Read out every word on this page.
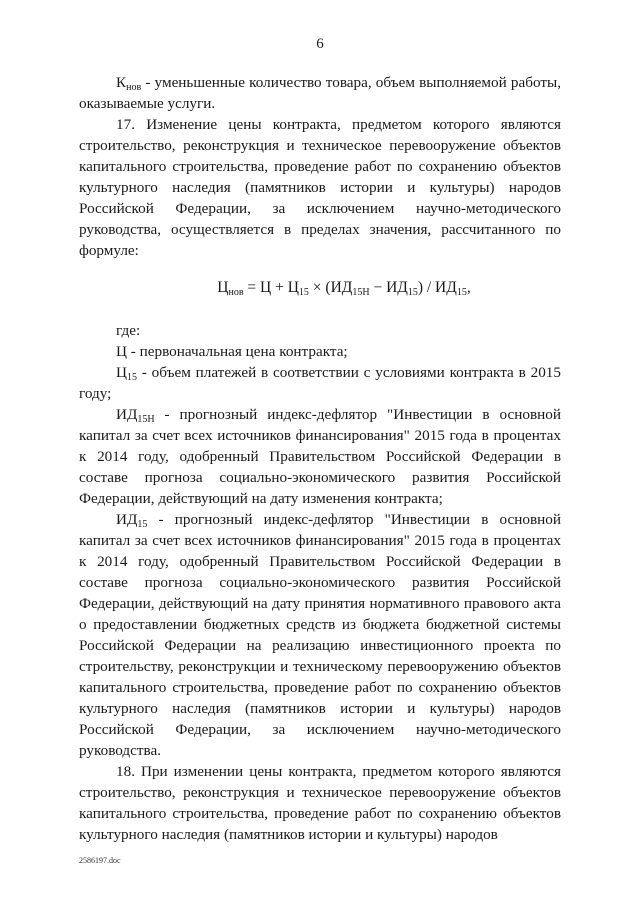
6

$К_{нов}$ - уменьшенные количество товара, объем выполняемой работы, оказываемые услуги.

17. Изменение цены контракта, предметом которого являются строительство, реконструкция и техническое перевооружение объектов капитального строительства, проведение работ по сохранению объектов культурного наследия (памятников истории и культуры) народов Российской Федерации, за исключением научно-методического руководства, осуществляется в пределах значения, рассчитанного по формуле:

$Ц_{нов} = Ц + Ц_{15} \times (ИД_{15Н} - ИД_{15}) / ИД_{15}$,

где:

Ц - первоначальная цена контракта;

$Ц_{15}$ - объем платежей в соответствии с условиями контракта в 2015 году;

$ИД_{15Н}$ - прогнозный индекс-дефлятор "Инвестиции в основной капитал за счет всех источников финансирования" 2015 года в процентах к 2014 году, одобренный Правительством Российской Федерации в составе прогноза социально-экономического развития Российской Федерации, действующий на дату изменения контракта;

$ИД_{15}$ - прогнозный индекс-дефлятор "Инвестиции в основной капитал за счет всех источников финансирования" 2015 года в процентах к 2014 году, одобренный Правительством Российской Федерации в составе прогноза социально-экономического развития Российской Федерации, действующий на дату принятия нормативного правового акта о предоставлении бюджетных средств из бюджета бюджетной системы Российской Федерации на реализацию инвестиционного проекта по строительству, реконструкции и техническому перевооружению объектов капитального строительства, проведение работ по сохранению объектов культурного наследия (памятников истории и культуры) народов Российской Федерации, за исключением научно-методического руководства.

18. При изменении цены контракта, предметом которого являются строительство, реконструкция и техническое перевооружение объектов капитального строительства, проведение работ по сохранению объектов культурного наследия (памятников истории и культуры) народов

2586197.doc
